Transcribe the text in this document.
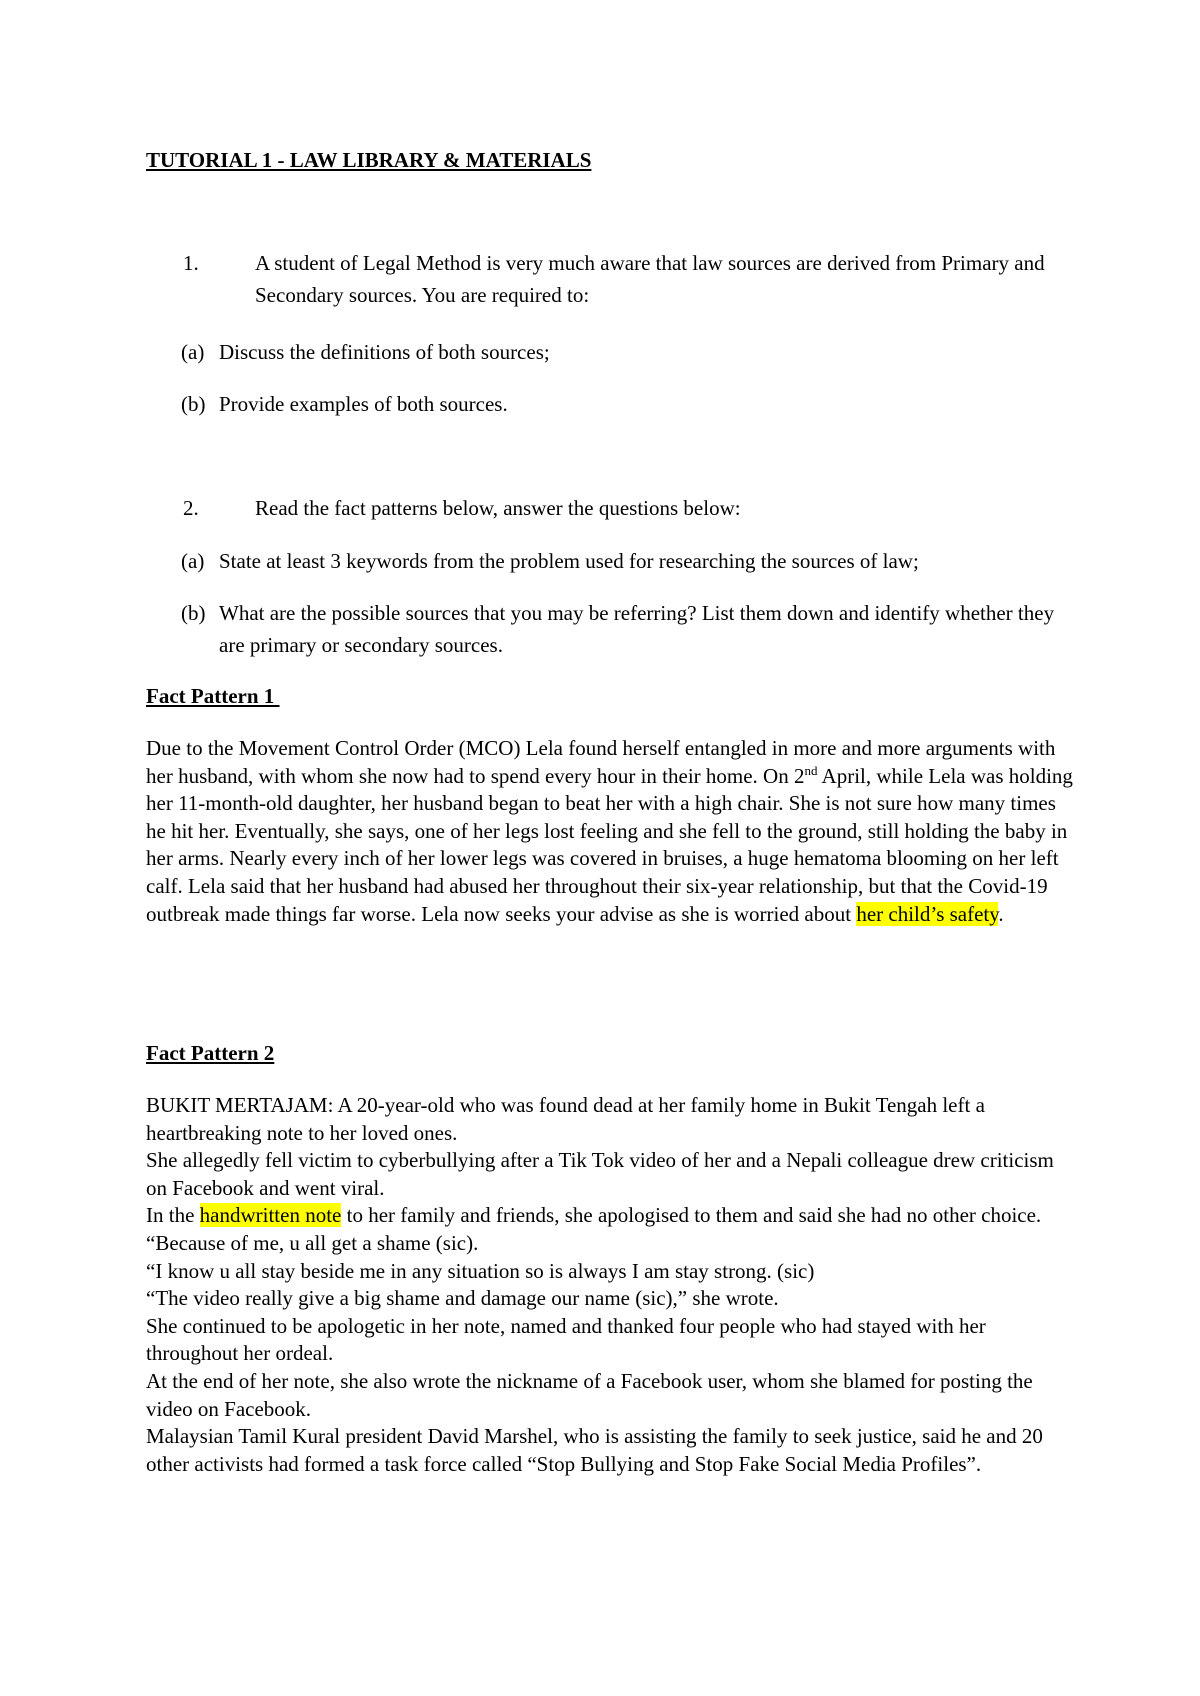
TUTORIAL 1 - LAW LIBRARY & MATERIALS
1.	A student of Legal Method is very much aware that law sources are derived from Primary and Secondary sources. You are required to:
(a) Discuss the definitions of both sources;
(b) Provide examples of both sources.
2.	Read the fact patterns below, answer the questions below:
(a) State at least 3 keywords from the problem used for researching the sources of law;
(b) What are the possible sources that you may be referring? List them down and identify whether they are primary or secondary sources.
Fact Pattern 1

Due to the Movement Control Order (MCO) Lela found herself entangled in more and more arguments with her husband, with whom she now had to spend every hour in their home. On 2nd April, while Lela was holding her 11-month-old daughter, her husband began to beat her with a high chair. She is not sure how many times he hit her. Eventually, she says, one of her legs lost feeling and she fell to the ground, still holding the baby in her arms. Nearly every inch of her lower legs was covered in bruises, a huge hematoma blooming on her left calf. Lela said that her husband had abused her throughout their six-year relationship, but that the Covid-19 outbreak made things far worse. Lela now seeks your advise as she is worried about her child’s safety.

Fact Pattern 2

BUKIT MERTAJAM: A 20-year-old who was found dead at her family home in Bukit Tengah left a heartbreaking note to her loved ones.

She allegedly fell victim to cyberbullying after a Tik Tok video of her and a Nepali colleague drew criticism on Facebook and went viral.

In the handwritten note to her family and friends, she apologised to them and said she had no other choice.

“Because of me, u all get a shame (sic).

“I know u all stay beside me in any situation so is always I am stay strong. (sic)

“The video really give a big shame and damage our name (sic),” she wrote.

She continued to be apologetic in her note, named and thanked four people who had stayed with her throughout her ordeal.

At the end of her note, she also wrote the nickname of a Facebook user, whom she blamed for posting the video on Facebook.

Malaysian Tamil Kural president David Marshel, who is assisting the family to seek justice, said he and 20 other activists had formed a task force called “Stop Bullying and Stop Fake Social Media Profiles”.
